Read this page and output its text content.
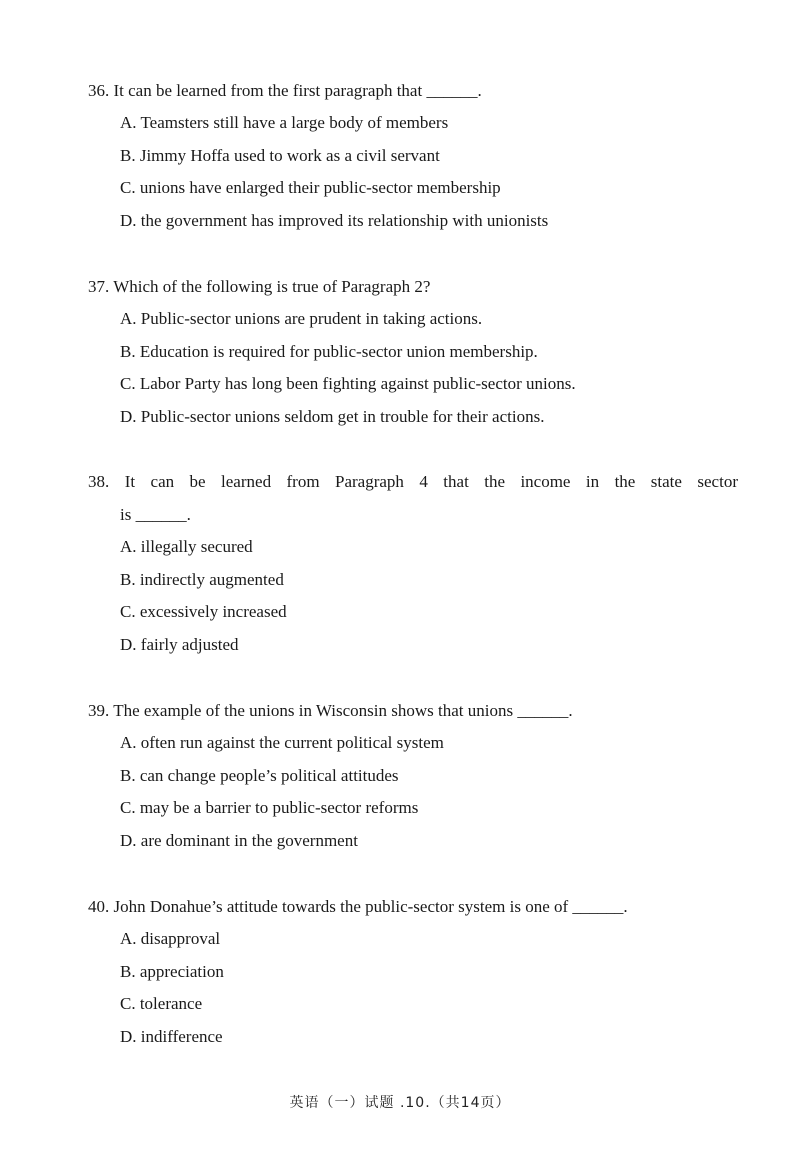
36. It can be learned from the first paragraph that ______.

A. Teamsters still have a large body of members
B. Jimmy Hoffa used to work as a civil servant
C. unions have enlarged their public-sector membership
D. the government has improved its relationship with unionists

37. Which of the following is true of Paragraph 2?

A. Public-sector unions are prudent in taking actions.
B. Education is required for public-sector union membership.
C. Labor Party has long been fighting against public-sector unions.
D. Public-sector unions seldom get in trouble for their actions.

38. It can be learned from Paragraph 4 that the income in the state sector

is ______.

A. illegally secured
B. indirectly augmented
C. excessively increased
D. fairly adjusted

39. The example of the unions in Wisconsin shows that unions ______.

A. often run against the current political system
B. can change people’s political attitudes
C. may be a barrier to public-sector reforms
D. are dominant in the government

40. John Donahue’s attitude towards the public-sector system is one of ______.

A. disapproval
B. appreciation
C. tolerance
D. indifference
英语（一）试题 .10.（共14页）
